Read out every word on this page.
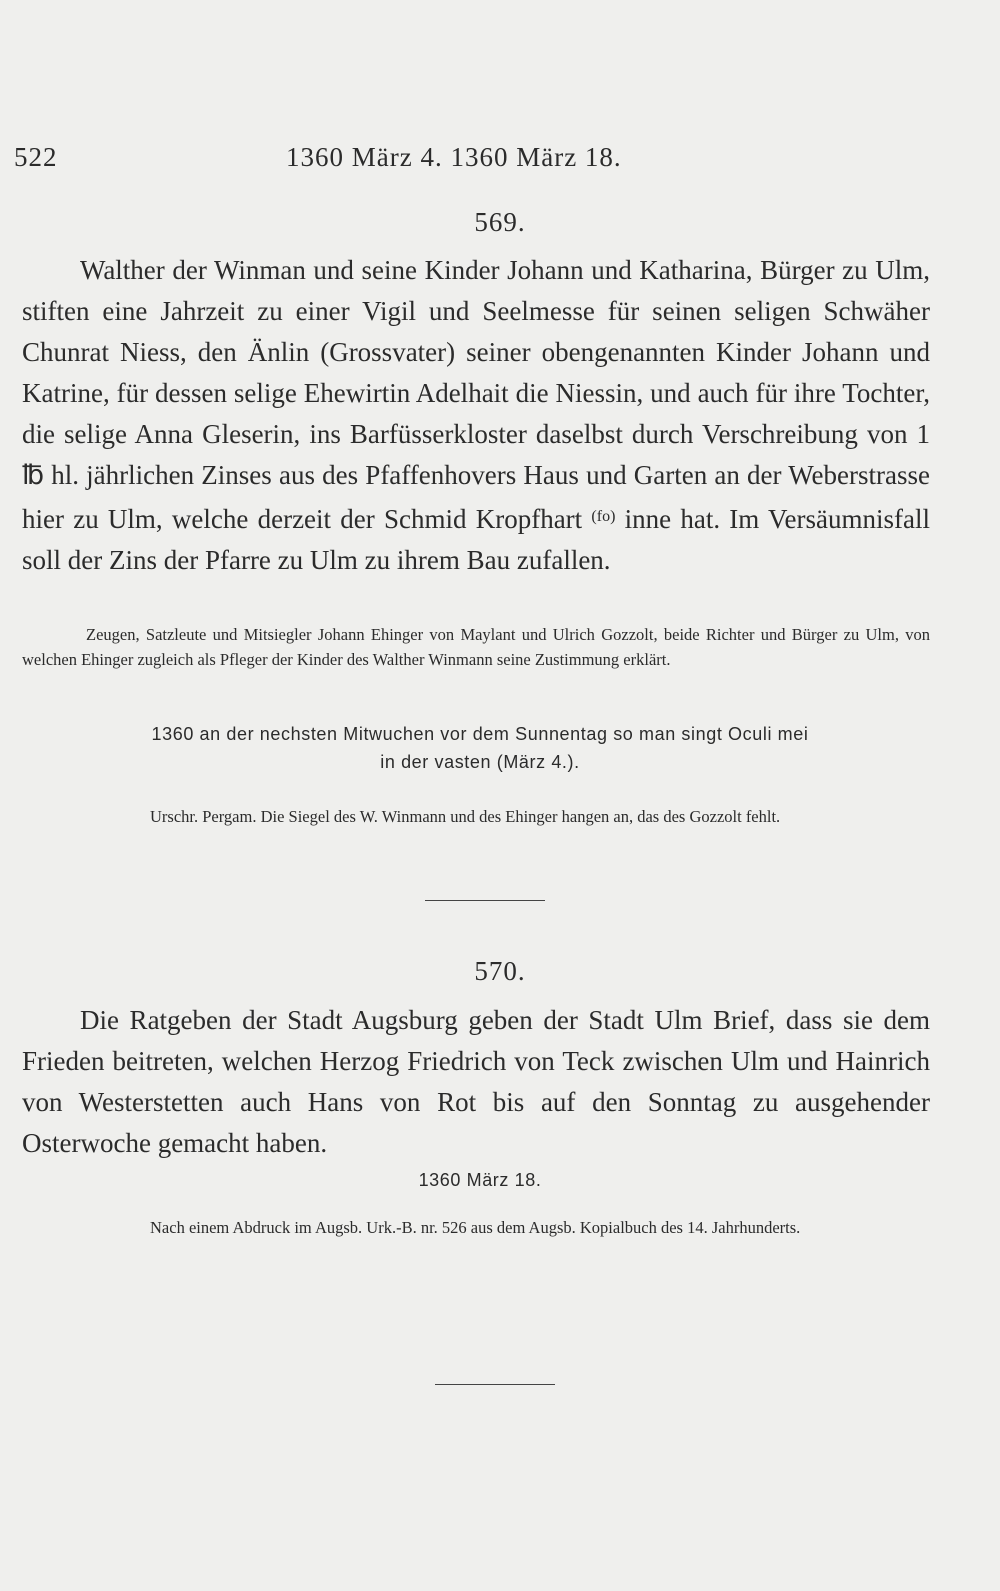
522	1360 März 4. 1360 März 18.
569.
Walther der Winman und seine Kinder Johann und Katharina, Bürger zu Ulm, stiften eine Jahrzeit zu einer Vigil und Seelmesse für seinen seligen Schwäher Chunrat Niess, den Änlin (Grossvater) seiner obengenannten Kinder Johann und Katrine, für dessen selige Ehewirtin Adelhait die Niessin, und auch für ihre Tochter, die selige Anna Gleserin, ins Barfüsserkloster daselbst durch Verschreibung von 1 ℔ hl. jährlichen Zinses aus des Pfaffenhovers Haus und Garten an der Weberstrasse hier zu Ulm, welche derzeit der Schmid Kropfhart $^{(fo)}$ inne hat. Im Versäumnisfall soll der Zins der Pfarre zu Ulm zu ihrem Bau zufallen.
Zeugen, Satzleute und Mitsiegler Johann Ehinger von Maylant und Ulrich Gozzolt, beide Richter und Bürger zu Ulm, von welchen Ehinger zugleich als Pfleger der Kinder des Walther Winmann seine Zustimmung erklärt.
1360 an der nechsten Mitwuchen vor dem Sunnentag so man singt Oculi mei
in der vasten (März 4.).
Urschr. Pergam. Die Siegel des W. Winmann und des Ehinger hangen an, das des Gozzolt fehlt.
570.
Die Ratgeben der Stadt Augsburg geben der Stadt Ulm Brief, dass sie dem Frieden beitreten, welchen Herzog Friedrich von Teck zwischen Ulm und Hainrich von Westerstetten auch Hans von Rot bis auf den Sonntag zu ausgehender Osterwoche gemacht haben.
1360 März 18.
Nach einem Abdruck im Augsb. Urk.-B. nr. 526 aus dem Augsb. Kopialbuch des 14. Jahrhunderts.
